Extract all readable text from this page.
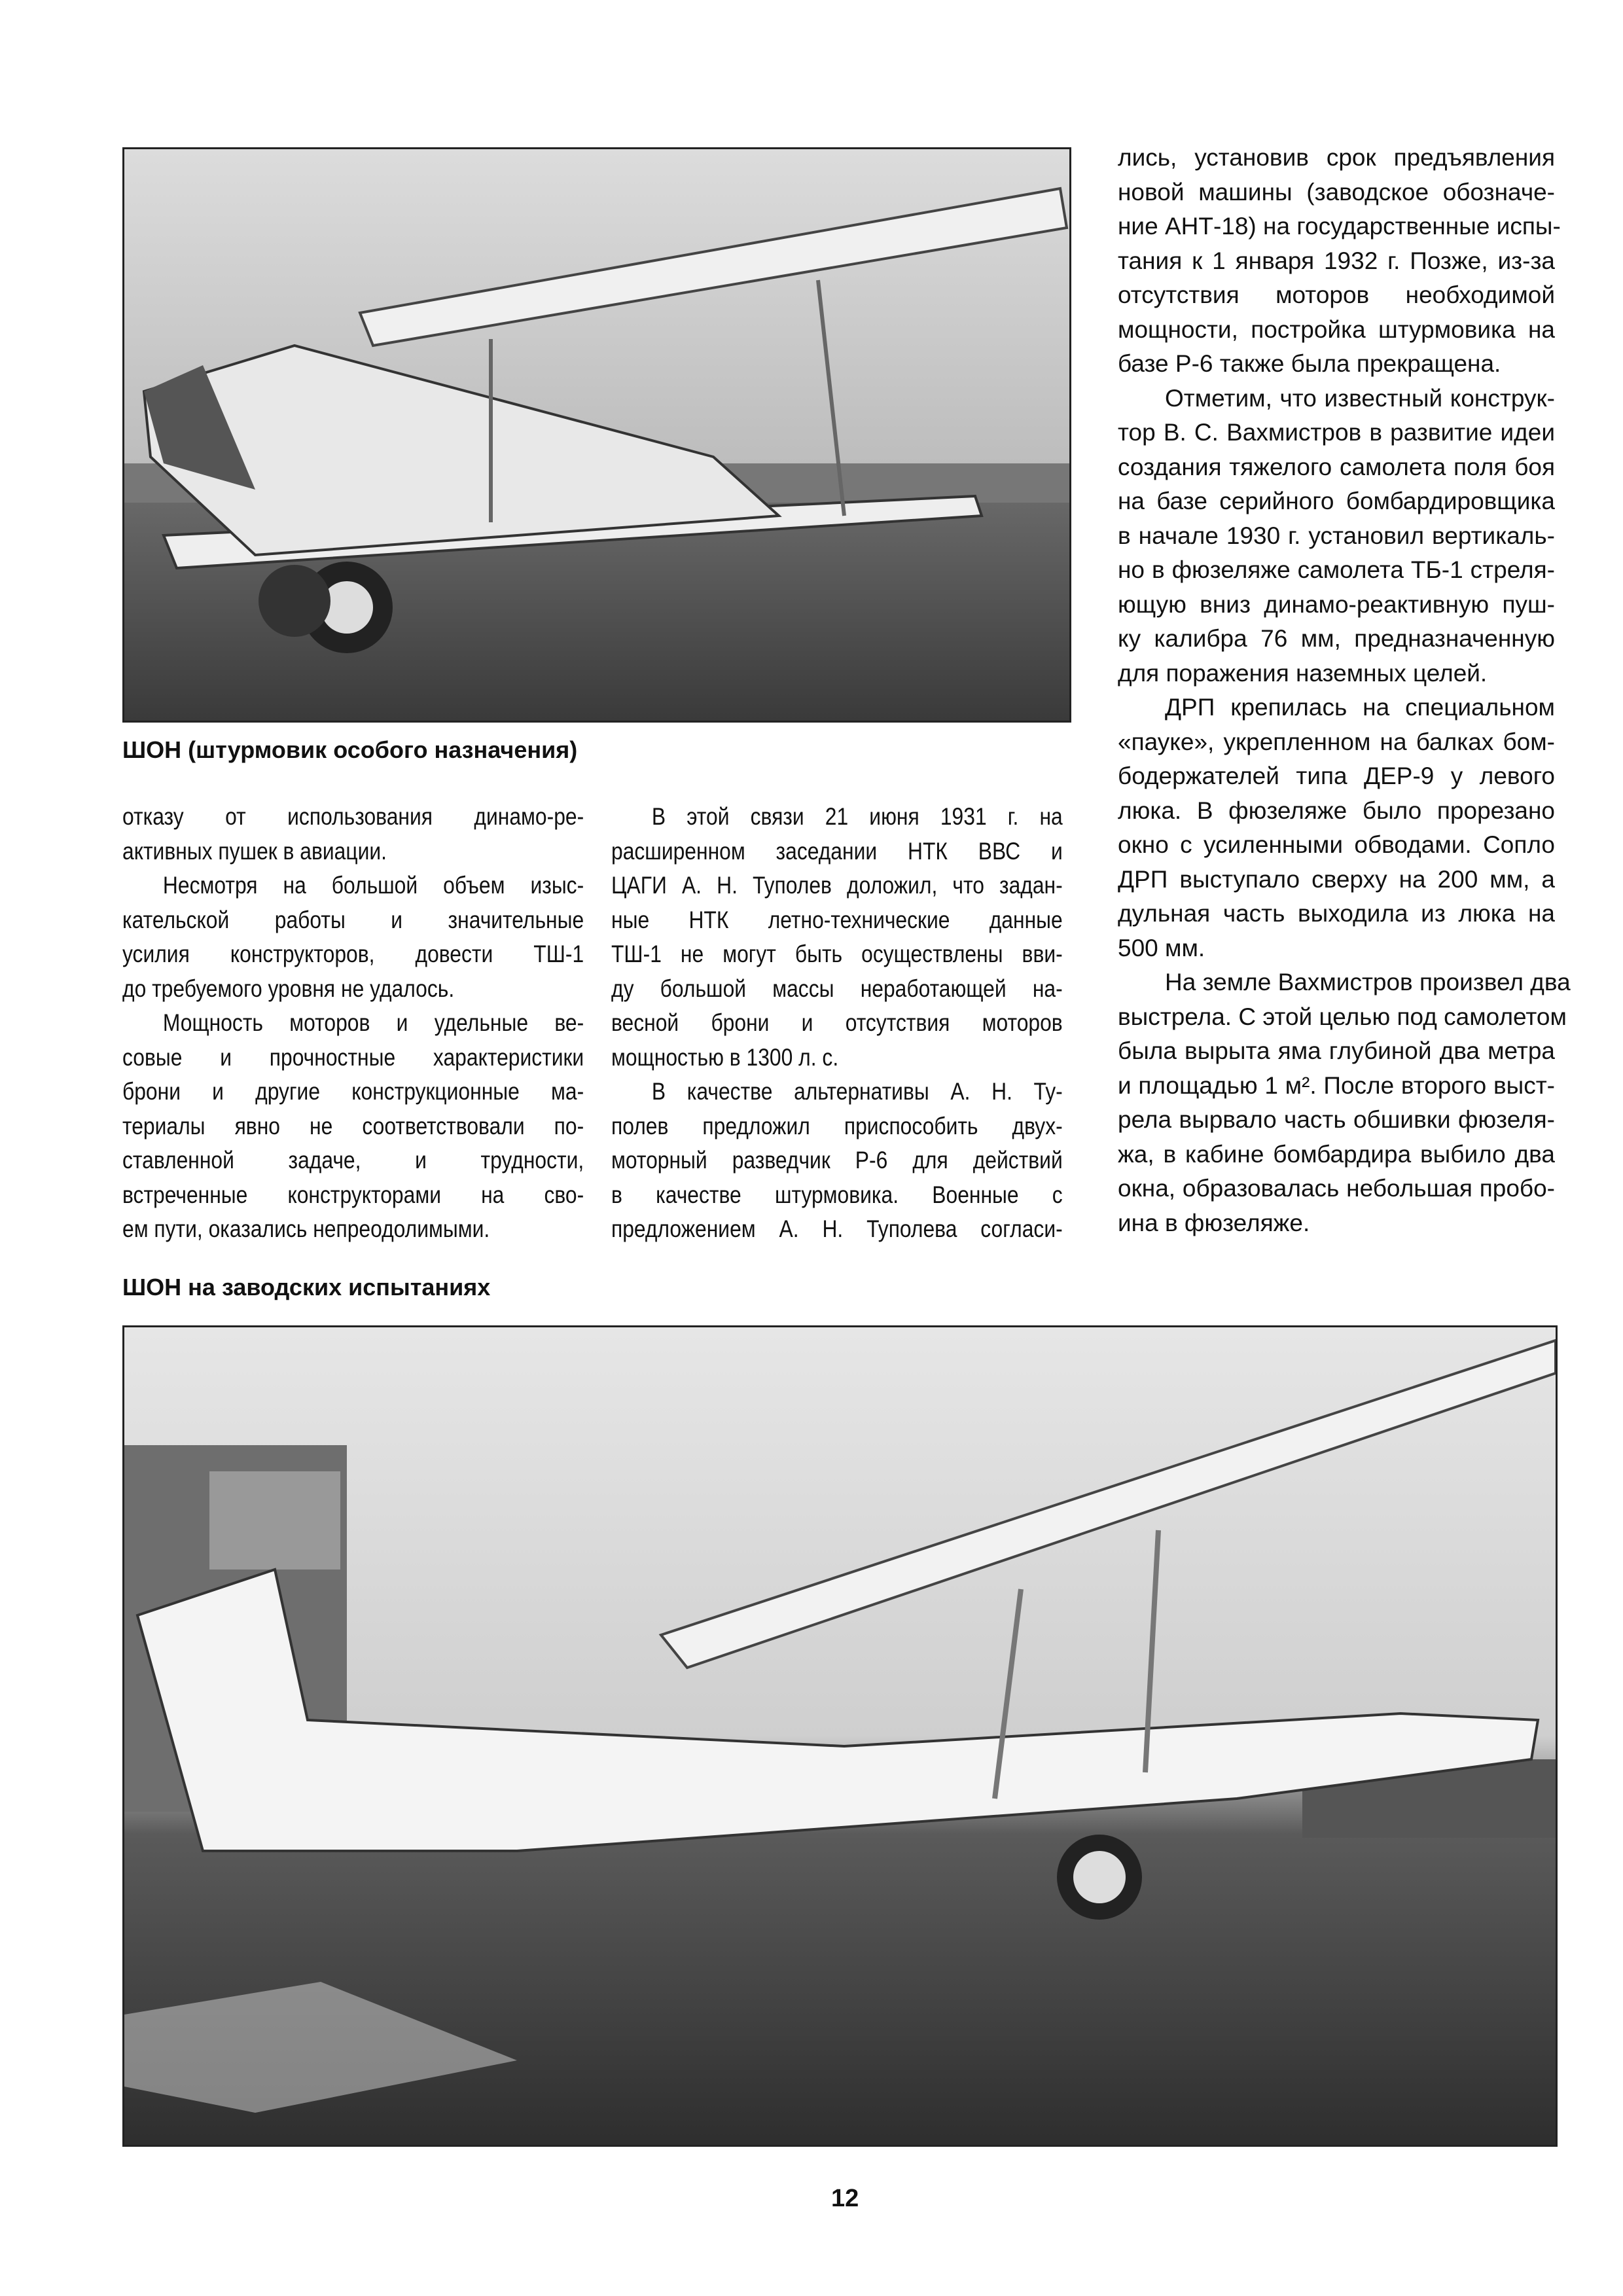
ШОН (штурмовик особого назначения)
отказу от использования динамо-ре-
активных пушек в авиации.
Несмотря на большой объем изыс-
кательской работы и значительные
усилия конструкторов, довести ТШ-1
до требуемого уровня не удалось.
Мощность моторов и удельные ве-
совые и прочностные характеристики
брони и другие конструкционные ма-
териалы явно не соответствовали по-
ставленной задаче, и трудности,
встреченные конструкторами на сво-
ем пути, оказались непреодолимыми.
В этой связи 21 июня 1931 г. на
расширенном заседании НТК ВВС и
ЦАГИ А. Н. Туполев доложил, что задан-
ные НТК летно-технические данные
ТШ-1 не могут быть осуществлены вви-
ду большой массы неработающей на-
весной брони и отсутствия моторов
мощностью в 1300 л. с.
В качестве альтернативы А. Н. Ту-
полев предложил приспособить двух-
моторный разведчик Р-6 для действий
в качестве штурмовика. Военные с
предложением А. Н. Туполева согласи-
лись, установив срок предъявления
новой машины (заводское обозначе-
ние АНТ-18) на государственные испы-
тания к 1 января 1932 г. Позже, из-за
отсутствия моторов необходимой
мощности, постройка штурмовика на
базе Р-6 также была прекращена.
Отметим, что известный конструк-
тор В. С. Вахмистров в развитие идеи
создания тяжелого самолета поля боя
на базе серийного бомбардировщика
в начале 1930 г. установил вертикаль-
но в фюзеляже самолета ТБ-1 стреля-
ющую вниз динамо-реактивную пуш-
ку калибра 76 мм, предназначенную
для поражения наземных целей.
ДРП крепилась на специальном
«пауке», укрепленном на балках бом-
бодержателей типа ДЕР-9 у левого
люка. В фюзеляже было прорезано
окно с усиленными обводами. Сопло
ДРП выступало сверху на 200 мм, а
дульная часть выходила из люка на
500 мм.
На земле Вахмистров произвел два
выстрела. С этой целью под самолетом
была вырыта яма глубиной два метра
и площадью 1 м². После второго выст-
рела вырвало часть обшивки фюзеля-
жа, в кабине бомбардира выбило два
окна, образовалась небольшая пробо-
ина в фюзеляже.
ШОН на заводских испытаниях
12
